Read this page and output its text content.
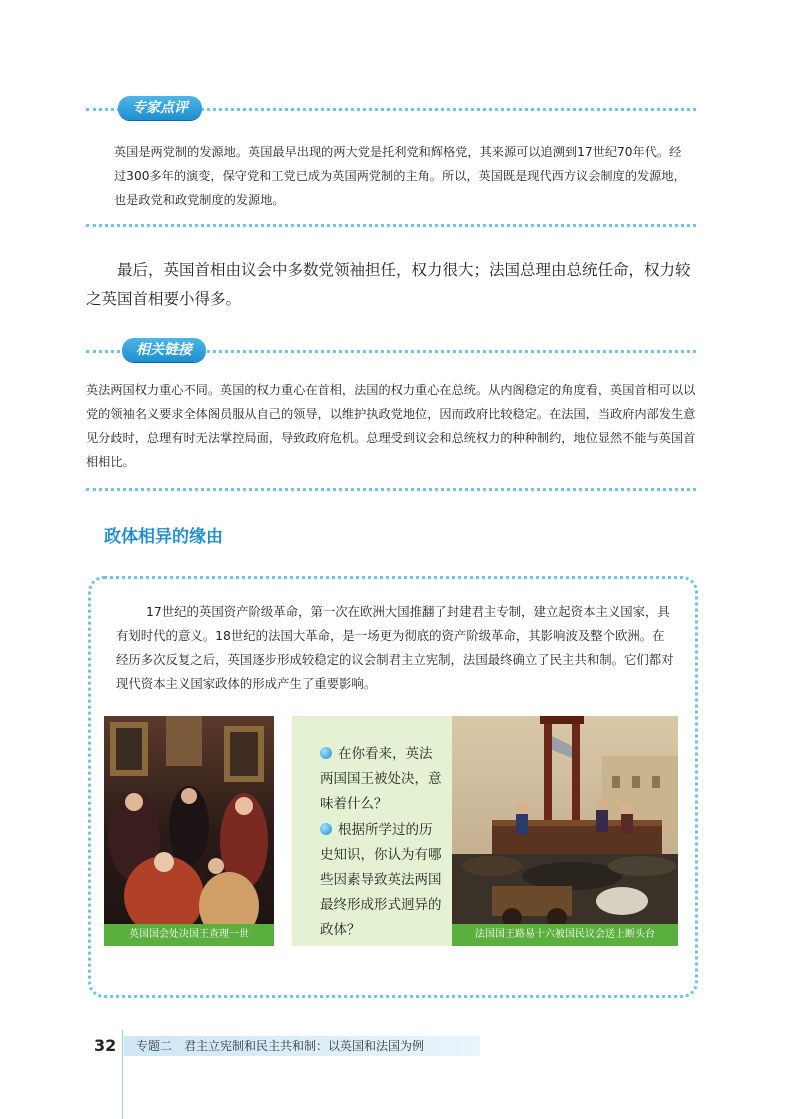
专家点评
英国是两党制的发源地。英国最早出现的两大党是托利党和辉格党，其来源可以追溯到17世纪70年代。经过300多年的演变，保守党和工党已成为英国两党制的主角。所以，英国既是现代西方议会制度的发源地，也是政党和政党制度的发源地。
最后，英国首相由议会中多数党领袖担任，权力很大；法国总理由总统任命，权力较之英国首相要小得多。
相关链接
英法两国权力重心不同。英国的权力重心在首相，法国的权力重心在总统。从内阁稳定的角度看，英国首相可以以党的领袖名义要求全体阁员服从自己的领导，以维护执政党地位，因而政府比较稳定。在法国，当政府内部发生意见分歧时，总理有时无法掌控局面，导致政府危机。总理受到议会和总统权力的种种制约，地位显然不能与英国首相相比。
政体相异的缘由
17世纪的英国资产阶级革命，第一次在欧洲大国推翻了封建君主专制，建立起资本主义国家，具有划时代的意义。18世纪的法国大革命，是一场更为彻底的资产阶级革命，其影响波及整个欧洲。在经历多次反复之后，英国逐步形成较稳定的议会制君主立宪制，法国最终确立了民主共和制。它们都对现代资本主义国家政体的形成产生了重要影响。
英国国会处决国王查理一世
在你看来，英法两国国王被处决，意味着什么？
根据所学过的历史知识，你认为有哪些因素导致英法两国最终形成形式迥异的政体？	法国国王路易十六被国民议会送上断头台
32	专题二　君主立宪制和民主共和制：以英国和法国为例
